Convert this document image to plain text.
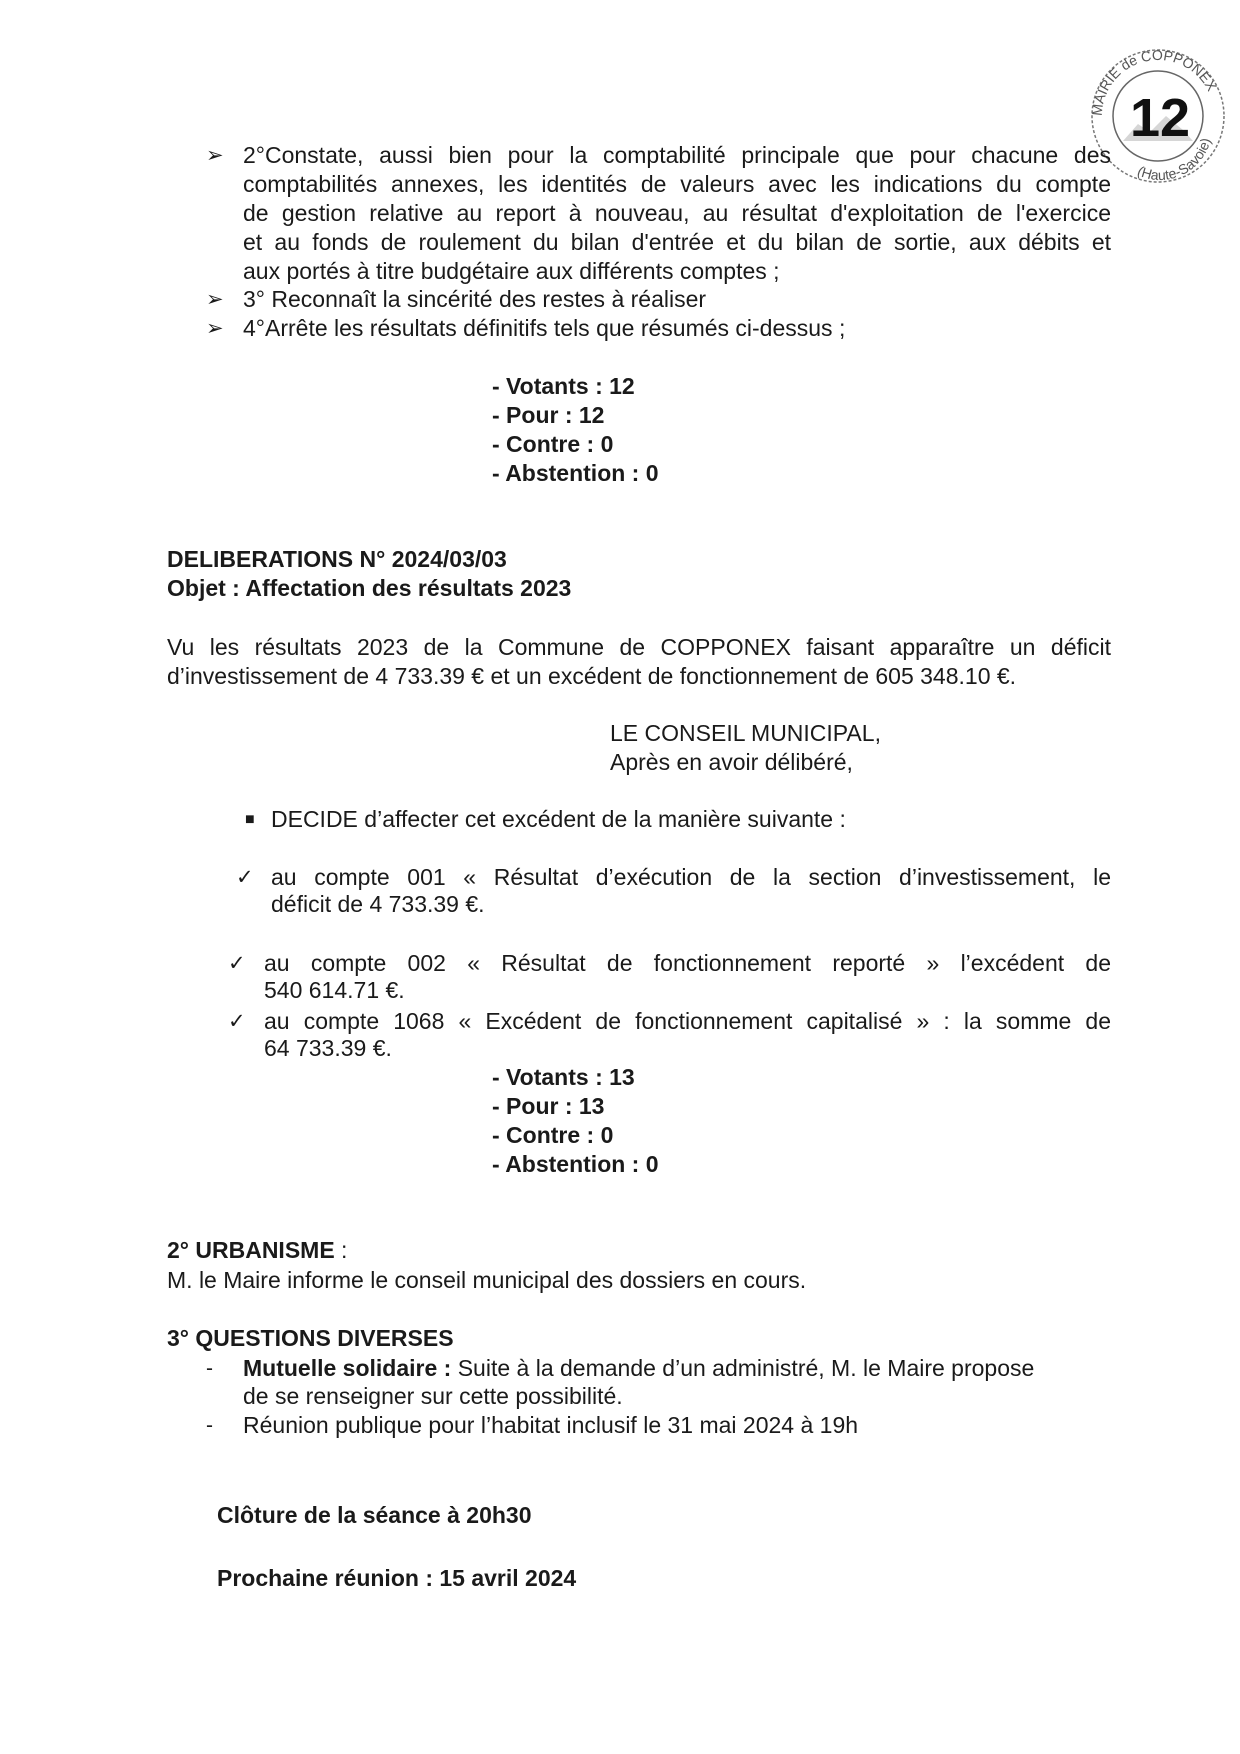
MAIRIE de COPPONEX
(Haute-Savoie)
12
➢ 2°Constate, aussi bien pour la comptabilité principale que pour chacune des
comptabilités annexes, les identités de valeurs avec les indications du compte
de gestion relative au report à nouveau, au résultat d'exploitation de l'exercice
et au fonds de roulement du bilan d'entrée et du bilan de sortie, aux débits et
aux portés à titre budgétaire aux différents comptes ;
➢ 3° Reconnaît la sincérité des restes à réaliser
➢ 4°Arrête les résultats définitifs tels que résumés ci-dessus ;
- Votants : 12
- Pour : 12
- Contre : 0
- Abstention : 0
DELIBERATIONS N° 2024/03/03
Objet : Affectation des résultats 2023
Vu les résultats 2023 de la Commune de COPPONEX faisant apparaître un déficit
d’investissement de 4 733.39 € et un excédent de fonctionnement de 605 348.10 €.
LE CONSEIL MUNICIPAL,
Après en avoir délibéré,
■ DECIDE d’affecter cet excédent de la manière suivante :
✓ au compte 001 « Résultat d’exécution de la section d’investissement, le
déficit de 4 733.39 €.
✓ au compte 002 « Résultat de fonctionnement reporté » l’excédent de
540 614.71 €.
✓ au compte 1068 « Excédent de fonctionnement capitalisé » : la somme de
64 733.39 €.
- Votants : 13
- Pour : 13
- Contre : 0
- Abstention : 0
2° URBANISME :
M. le Maire informe le conseil municipal des dossiers en cours.
3° QUESTIONS DIVERSES
- Mutuelle solidaire : Suite à la demande d’un administré, M. le Maire propose
de se renseigner sur cette possibilité.
- Réunion publique pour l’habitat inclusif le 31 mai 2024 à 19h
Clôture de la séance à 20h30
Prochaine réunion : 15 avril 2024
